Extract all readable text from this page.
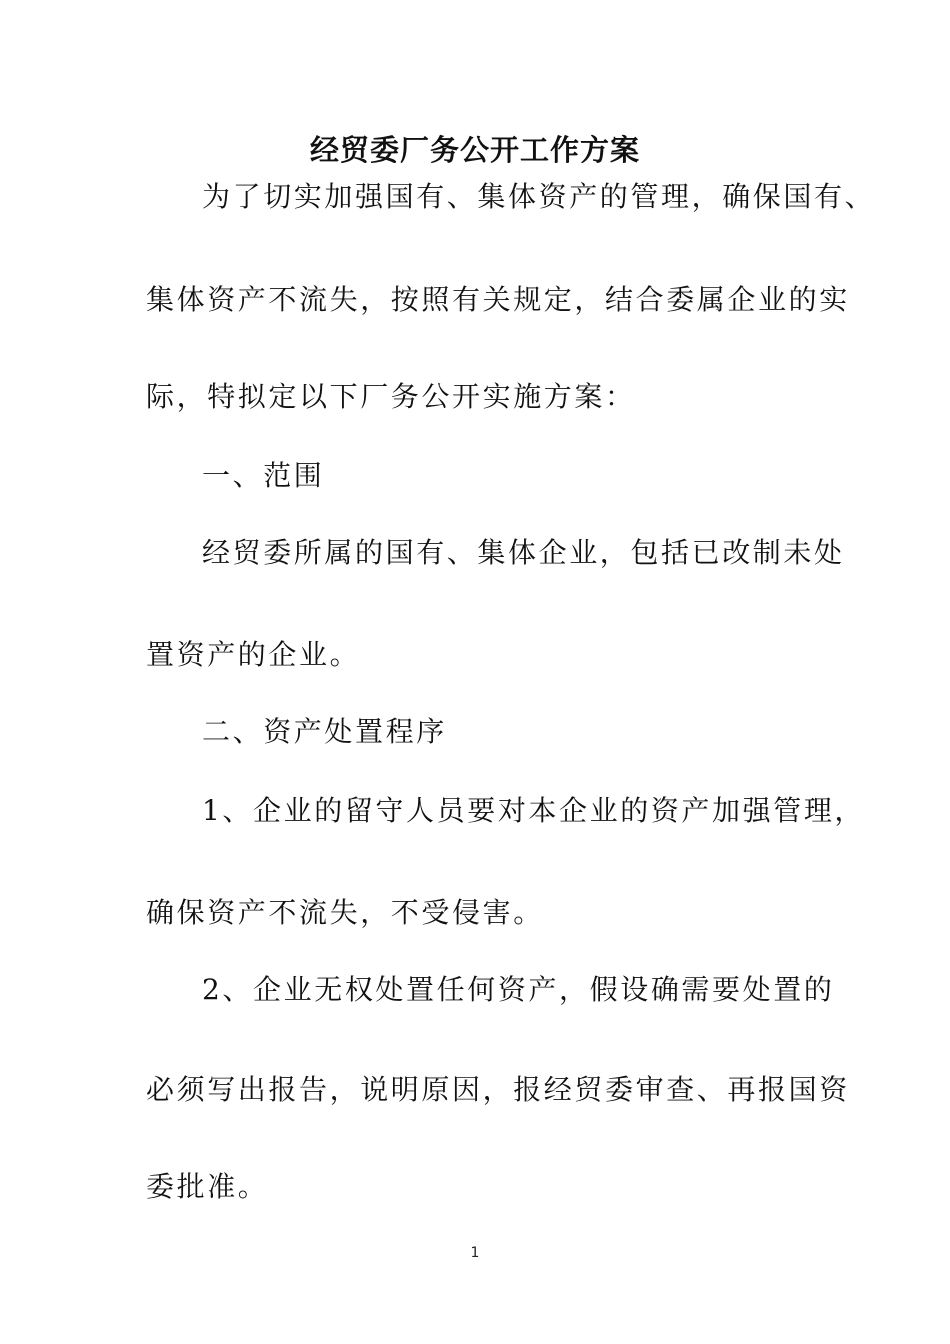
经贸委厂务公开工作方案
为了切实加强国有、集体资产的管理，确保国有、
集体资产不流失，按照有关规定，结合委属企业的实
际，特拟定以下厂务公开实施方案：
一、范围
经贸委所属的国有、集体企业，包括已改制未处
置资产的企业。
二、资产处置程序
1、企业的留守人员要对本企业的资产加强管理，
确保资产不流失，不受侵害。
2、企业无权处置任何资产，假设确需要处置的
必须写出报告，说明原因，报经贸委审查、再报国资
委批准。
1
